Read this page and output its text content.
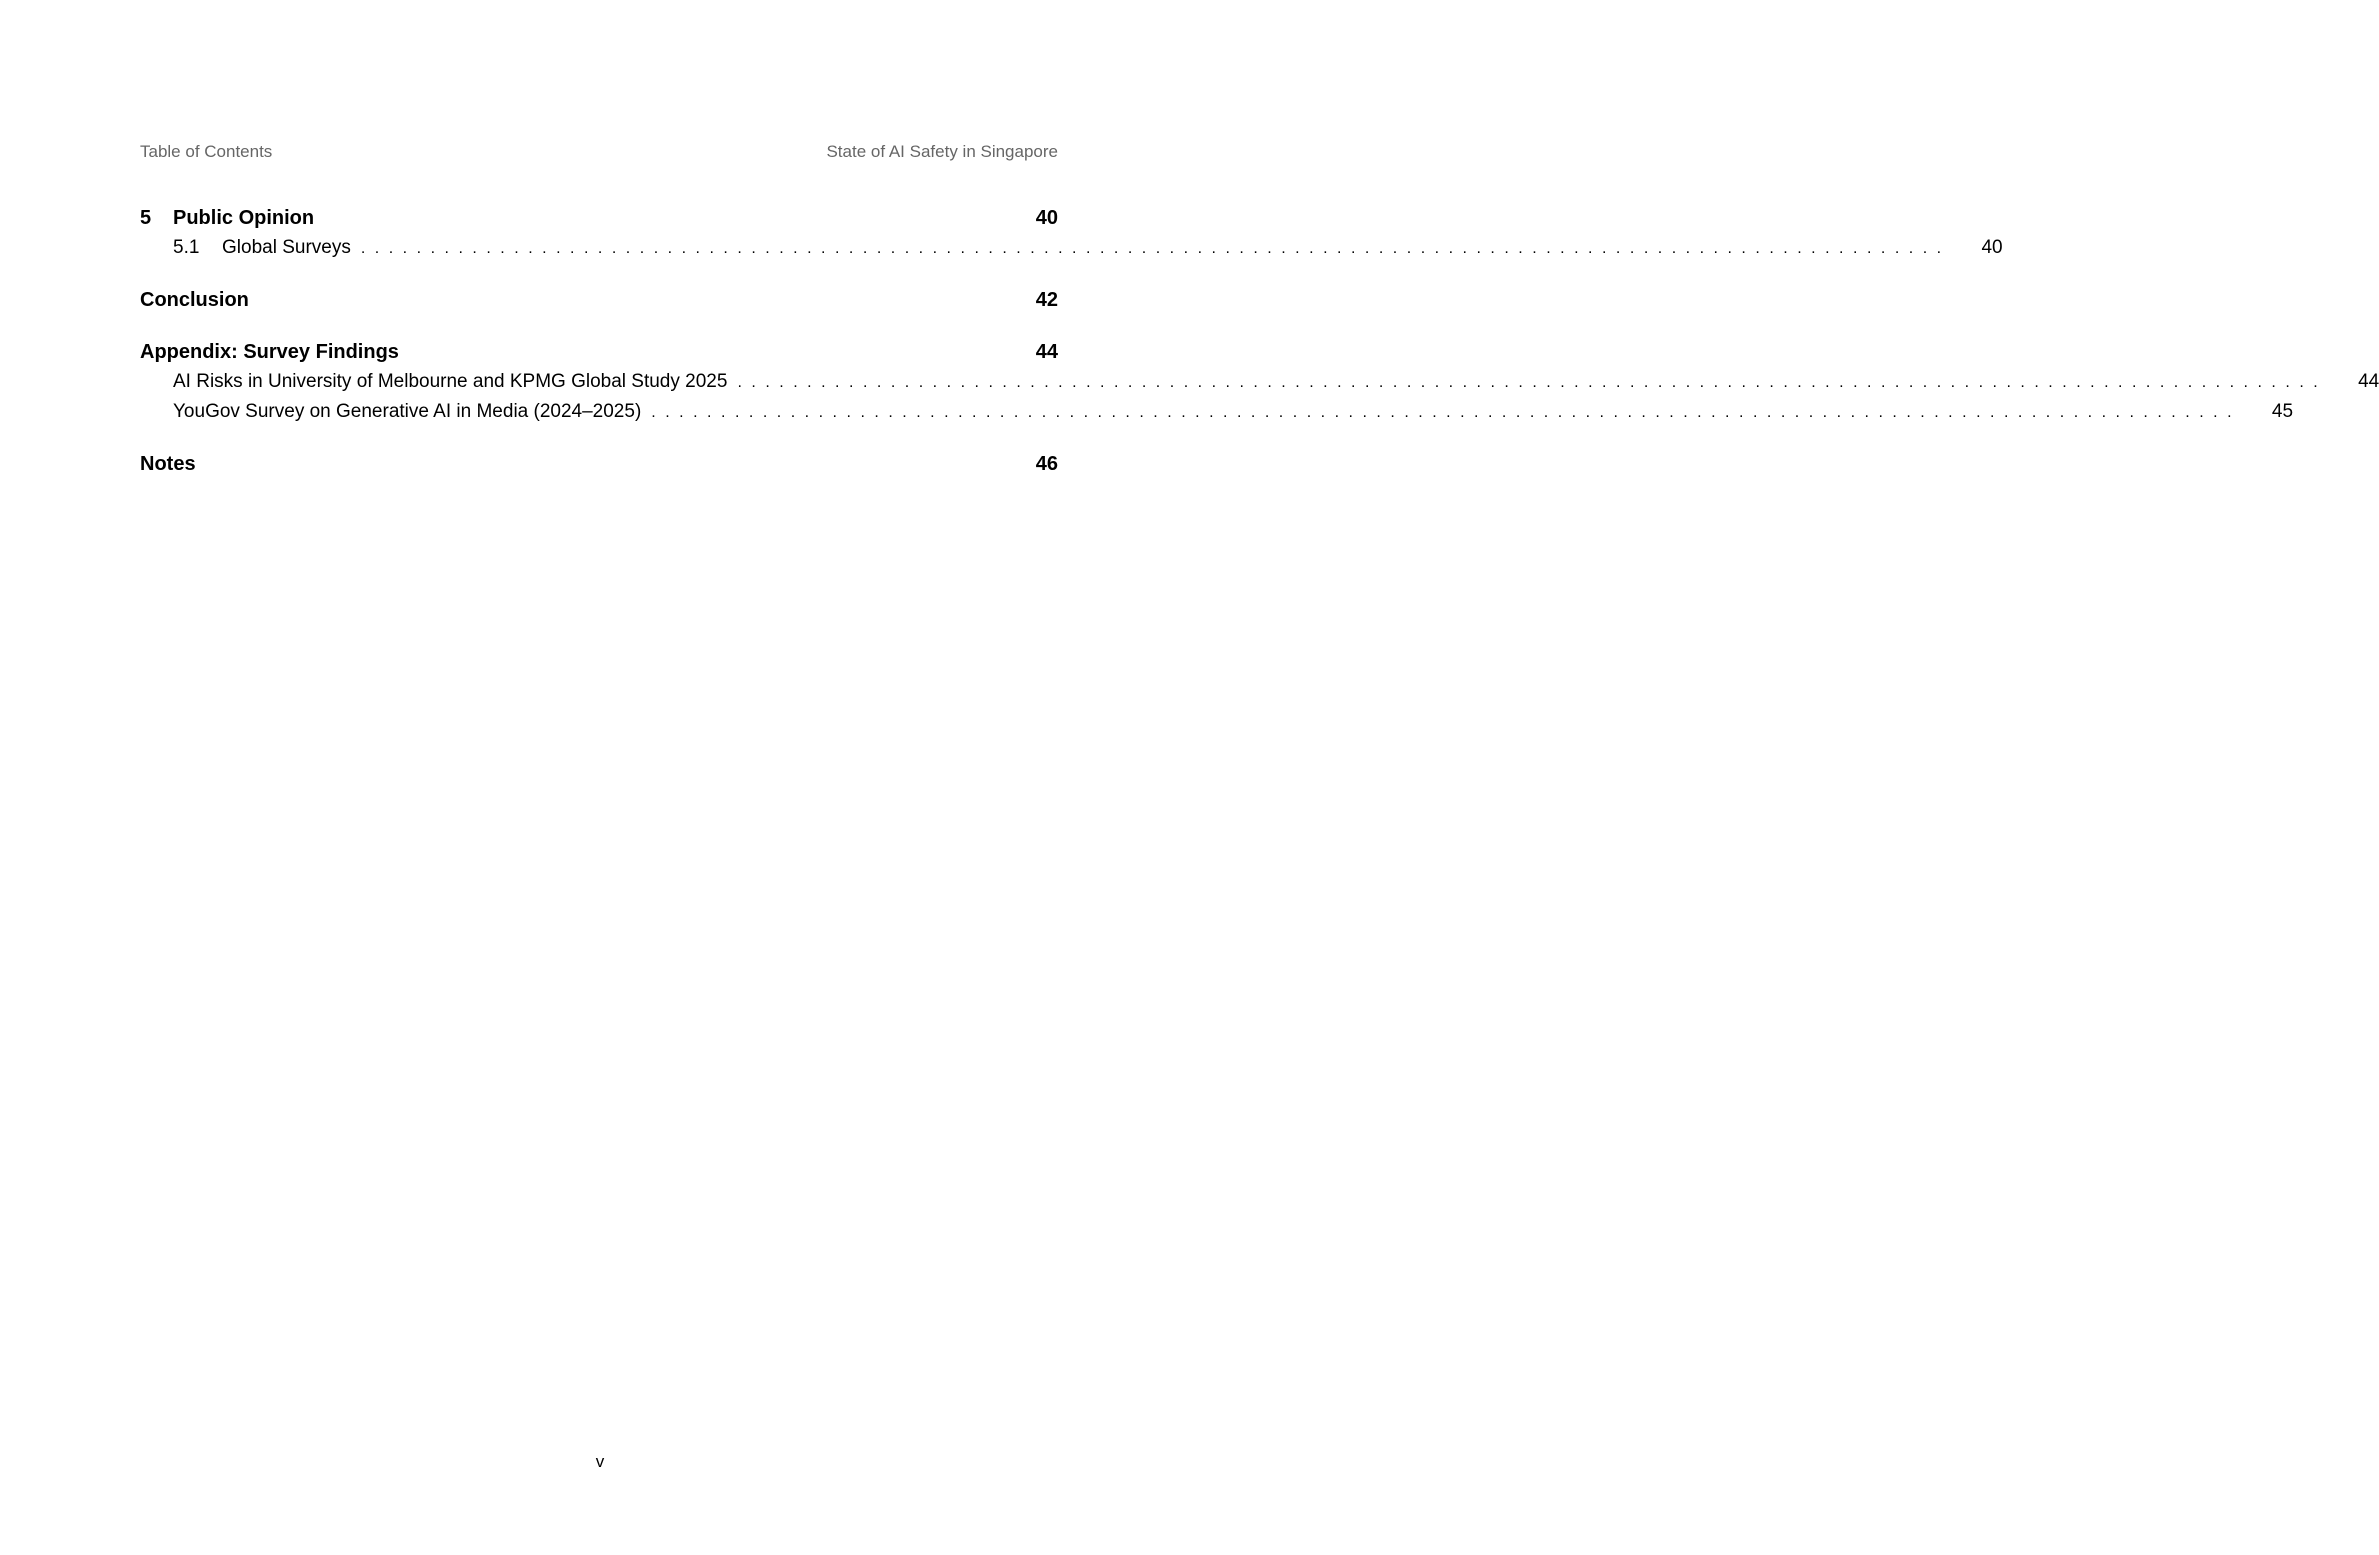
Table of Contents	State of AI Safety in Singapore
5	Public Opinion	40
5.1	Global Surveys .................................................................................................................. 40
Conclusion	42
Appendix: Survey Findings	44
AI Risks in University of Melbourne and KPMG Global Study 2025 .................................................................................................................. 44
YouGov Survey on Generative AI in Media (2024–2025) .................................................................................................................. 45
Notes	46
v
